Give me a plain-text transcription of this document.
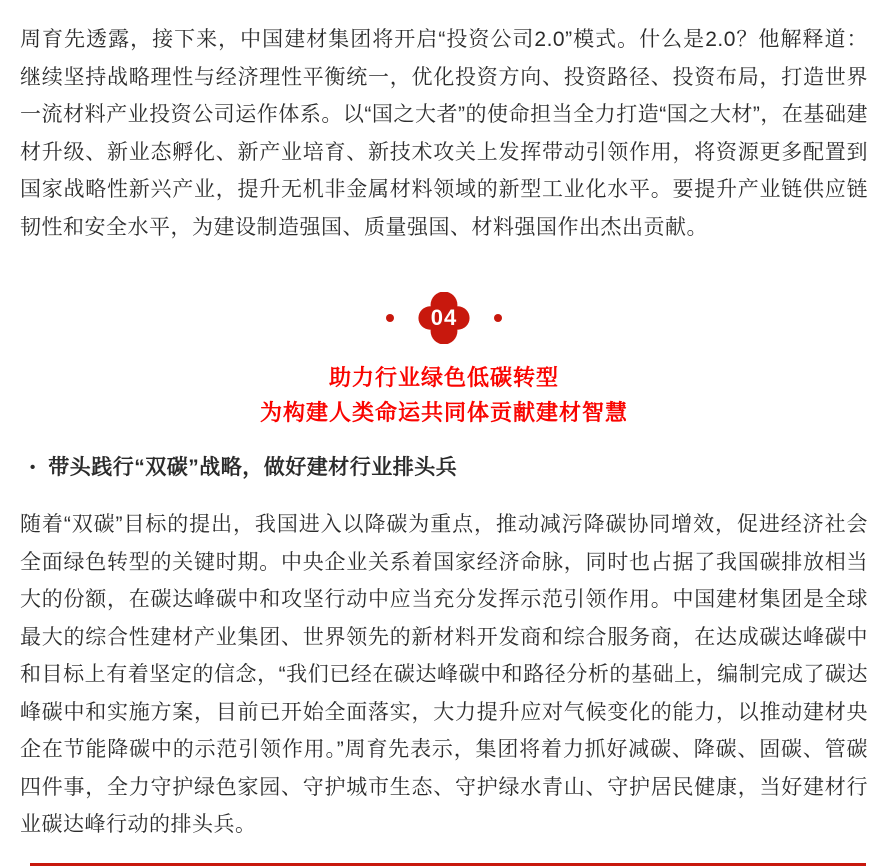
周育先透露，接下来，中国建材集团将开启“投资公司2.0”模式。什么是2.0？他解释道：继续坚持战略理性与经济理性平衡统一，优化投资方向、投资路径、投资布局，打造世界一流材料产业投资公司运作体系。以“国之大者”的使命担当全力打造“国之大材”，在基础建材升级、新业态孵化、新产业培育、新技术攻关上发挥带动引领作用，将资源更多配置到国家战略性新兴产业，提升无机非金属材料领域的新型工业化水平。要提升产业链供应链韧性和安全水平，为建设制造强国、质量强国、材料强国作出杰出贡献。

04
助力行业绿色低碳转型
为构建人类命运共同体贡献建材智慧
• 带头践行“双碳”战略，做好建材行业排头兵

随着“双碳”目标的提出，我国进入以降碳为重点，推动减污降碳协同增效，促进经济社会全面绿色转型的关键时期。中央企业关系着国家经济命脉，同时也占据了我国碳排放相当大的份额，在碳达峰碳中和攻坚行动中应当充分发挥示范引领作用。中国建材集团是全球最大的综合性建材产业集团、世界领先的新材料开发商和综合服务商，在达成碳达峰碳中和目标上有着坚定的信念，“我们已经在碳达峰碳中和路径分析的基础上，编制完成了碳达峰碳中和实施方案，目前已开始全面落实，大力提升应对气候变化的能力，以推动建材央企在节能降碳中的示范引领作用。”周育先表示，集团将着力抓好减碳、降碳、固碳、管碳四件事，全力守护绿色家园、守护城市生态、守护绿水青山、守护居民健康，当好建材行业碳达峰行动的排头兵。
